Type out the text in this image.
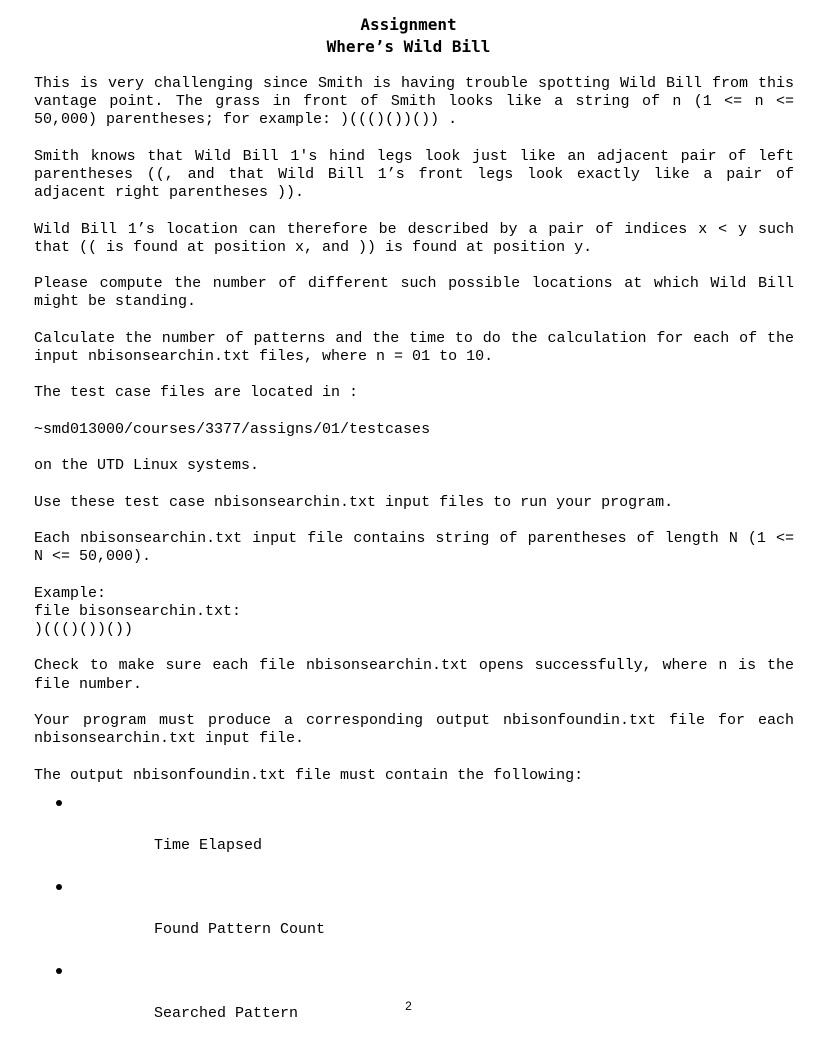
Assignment
Where’s Wild Bill

This is very challenging since Smith is having trouble spotting Wild Bill from this vantage point. The grass in front of Smith looks like a string of n (1 <= n <= 50,000) parentheses; for example: )((()())()) .

Smith knows that Wild Bill 1's hind legs look just like an adjacent pair of left parentheses ((, and that Wild Bill 1’s front legs look exactly like a pair of adjacent right parentheses )).

Wild Bill 1’s location can therefore be described by a pair of indices x < y such that (( is found at position x, and )) is found at position y.

Please compute the number of different such possible locations at which Wild Bill might be standing.

Calculate the number of patterns and the time to do the calculation for each of the input nbisonsearchin.txt files, where n = 01 to 10.

The test case files are located in :

~smd013000/courses/3377/assigns/01/testcases

on the UTD Linux systems.

Use these test case nbisonsearchin.txt input files to run your program.

Each nbisonsearchin.txt input file contains string of parentheses of length N (1 <= N <= 50,000).

Example:
file bisonsearchin.txt:
)((()())())

Check to make sure each file nbisonsearchin.txt opens successfully, where n is the file number.

Your program must produce a corresponding output nbisonfoundin.txt file for each nbisonsearchin.txt input file.

The output nbisonfoundin.txt file must contain the following:

Time Elapsed

Found Pattern Count

Searched Pattern
	2
